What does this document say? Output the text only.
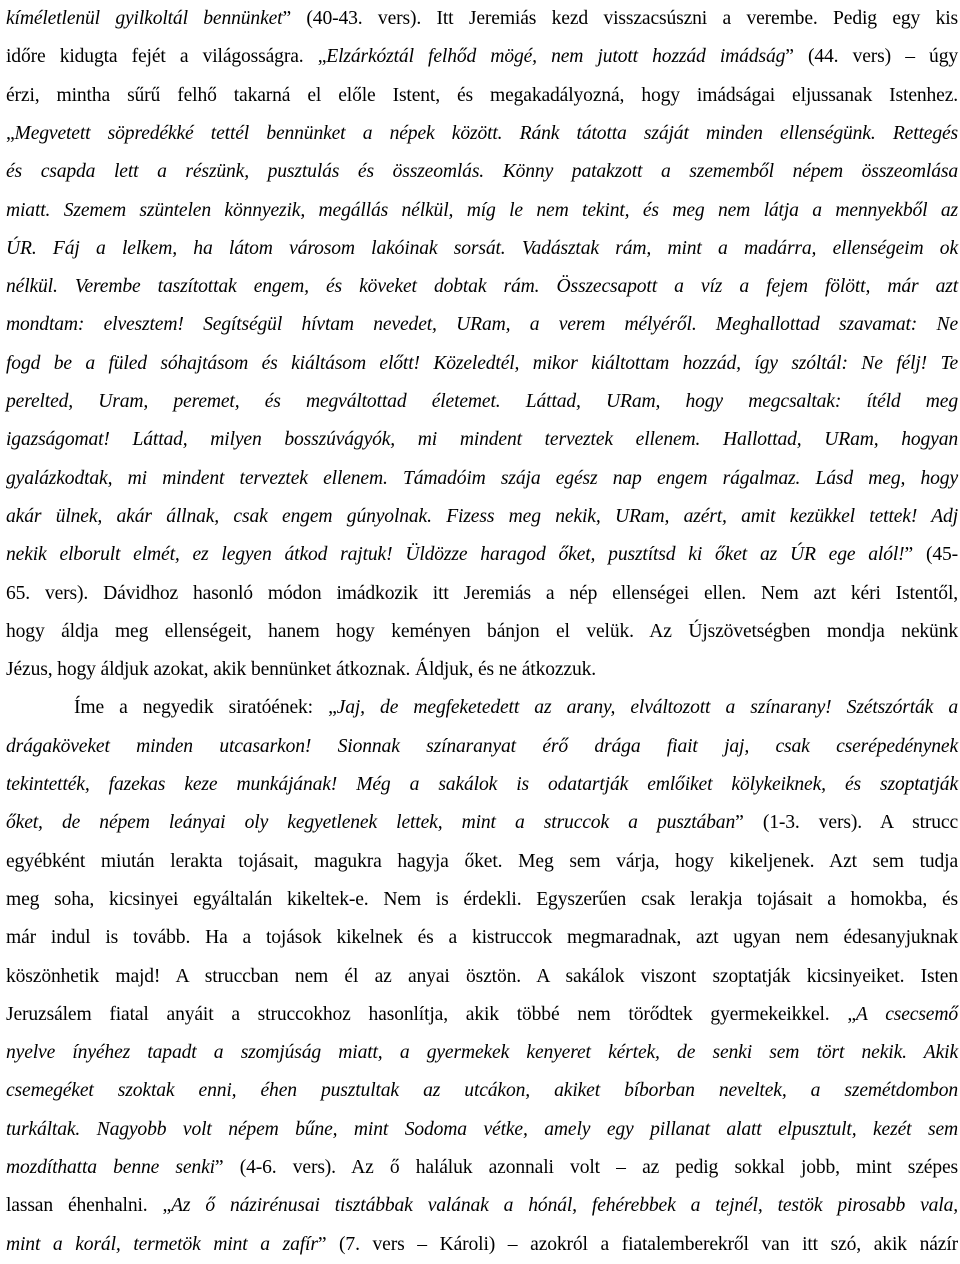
kíméletlenül gyilkoltál bennünket” (40-43. vers). Itt Jeremiás kezd visszacsúszni a verembe. Pedig egy kis
időre kidugta fejét a világosságra. „Elzárkóztál felhőd mögé, nem jutott hozzád imádság” (44. vers) – úgy
érzi, mintha sűrű felhő takarná el előle Istent, és megakadályozná, hogy imádságai eljussanak Istenhez.
„Megvetett söpredékké tettél bennünket a népek között. Ránk tátotta száját minden ellenségünk. Rettegés
és csapda lett a részünk, pusztulás és összeomlás. Könny patakzott a szememből népem összeomlása
miatt. Szemem szüntelen könnyezik, megállás nélkül, míg le nem tekint, és meg nem látja a mennyekből az
ÚR. Fáj a lelkem, ha látom városom lakóinak sorsát. Vadásztak rám, mint a madárra, ellenségeim ok
nélkül. Verembe taszítottak engem, és köveket dobtak rám. Összecsapott a víz a fejem fölött, már azt
mondtam: elvesztem! Segítségül hívtam nevedet, URam, a verem mélyéről. Meghallottad szavamat: Ne
fogd be a füled sóhajtásom és kiáltásom előtt! Közeledtél, mikor kiáltottam hozzád, így szóltál: Ne félj! Te
perelted, Uram, peremet, és megváltottad életemet. Láttad, URam, hogy megcsaltak: ítéld meg
igazságomat! Láttad, milyen bosszúvágyók, mi mindent terveztek ellenem. Hallottad, URam, hogyan
gyalázkodtak, mi mindent terveztek ellenem. Támadóim szája egész nap engem rágalmaz. Lásd meg, hogy
akár ülnek, akár állnak, csak engem gúnyolnak. Fizess meg nekik, URam, azért, amit kezükkel tettek! Adj
nekik elborult elmét, ez legyen átkod rajtuk! Üldözze haragod őket, pusztítsd ki őket az ÚR ege alól!” (45-
65. vers). Dávidhoz hasonló módon imádkozik itt Jeremiás a nép ellenségei ellen. Nem azt kéri Istentől,
hogy áldja meg ellenségeit, hanem hogy keményen bánjon el velük. Az Újszövetségben mondja nekünk
Jézus, hogy áldjuk azokat, akik bennünket átkoznak. Áldjuk, és ne átkozzuk.
Íme a negyedik siratóének: „Jaj, de megfeketedett az arany, elváltozott a színarany! Szétszórták a
drágaköveket minden utcasarkon! Sionnak színaranyat érő drága fiait jaj, csak cserépedénynek
tekintették, fazekas keze munkájának! Még a sakálok is odatartják emlőiket kölykeiknek, és szoptatják
őket, de népem leányai oly kegyetlenek lettek, mint a struccok a pusztában” (1-3. vers). A strucc
egyébként miután lerakta tojásait, magukra hagyja őket. Meg sem várja, hogy kikeljenek. Azt sem tudja
meg soha, kicsinyei egyáltalán kikeltek-e. Nem is érdekli. Egyszerűen csak lerakja tojásait a homokba, és
már indul is tovább. Ha a tojások kikelnek és a kistruccok megmaradnak, azt ugyan nem édesanyjuknak
köszönhetik majd! A struccban nem él az anyai ösztön. A sakálok viszont szoptatják kicsinyeiket. Isten
Jeruzsálem fiatal anyáit a struccokhoz hasonlítja, akik többé nem törődtek gyermekeikkel. „A csecsemő
nyelve ínyéhez tapadt a szomjúság miatt, a gyermekek kenyeret kértek, de senki sem tört nekik. Akik
csemegéket szoktak enni, éhen pusztultak az utcákon, akiket bíborban neveltek, a szemétdombon
turkáltak. Nagyobb volt népem bűne, mint Sodoma vétke, amely egy pillanat alatt elpusztult, kezét sem
mozdíthatta benne senki” (4-6. vers). Az ő haláluk azonnali volt – az pedig sokkal jobb, mint szépes
lassan éhenhalni. „Az ő názirénusai tisztábbak valának a hónál, fehérebbek a tejnél, testök pirosabb vala,
mint a korál, termetök mint a zafír” (7. vers – Károli) – azokról a fiatalemberekről van itt szó, akik názír
